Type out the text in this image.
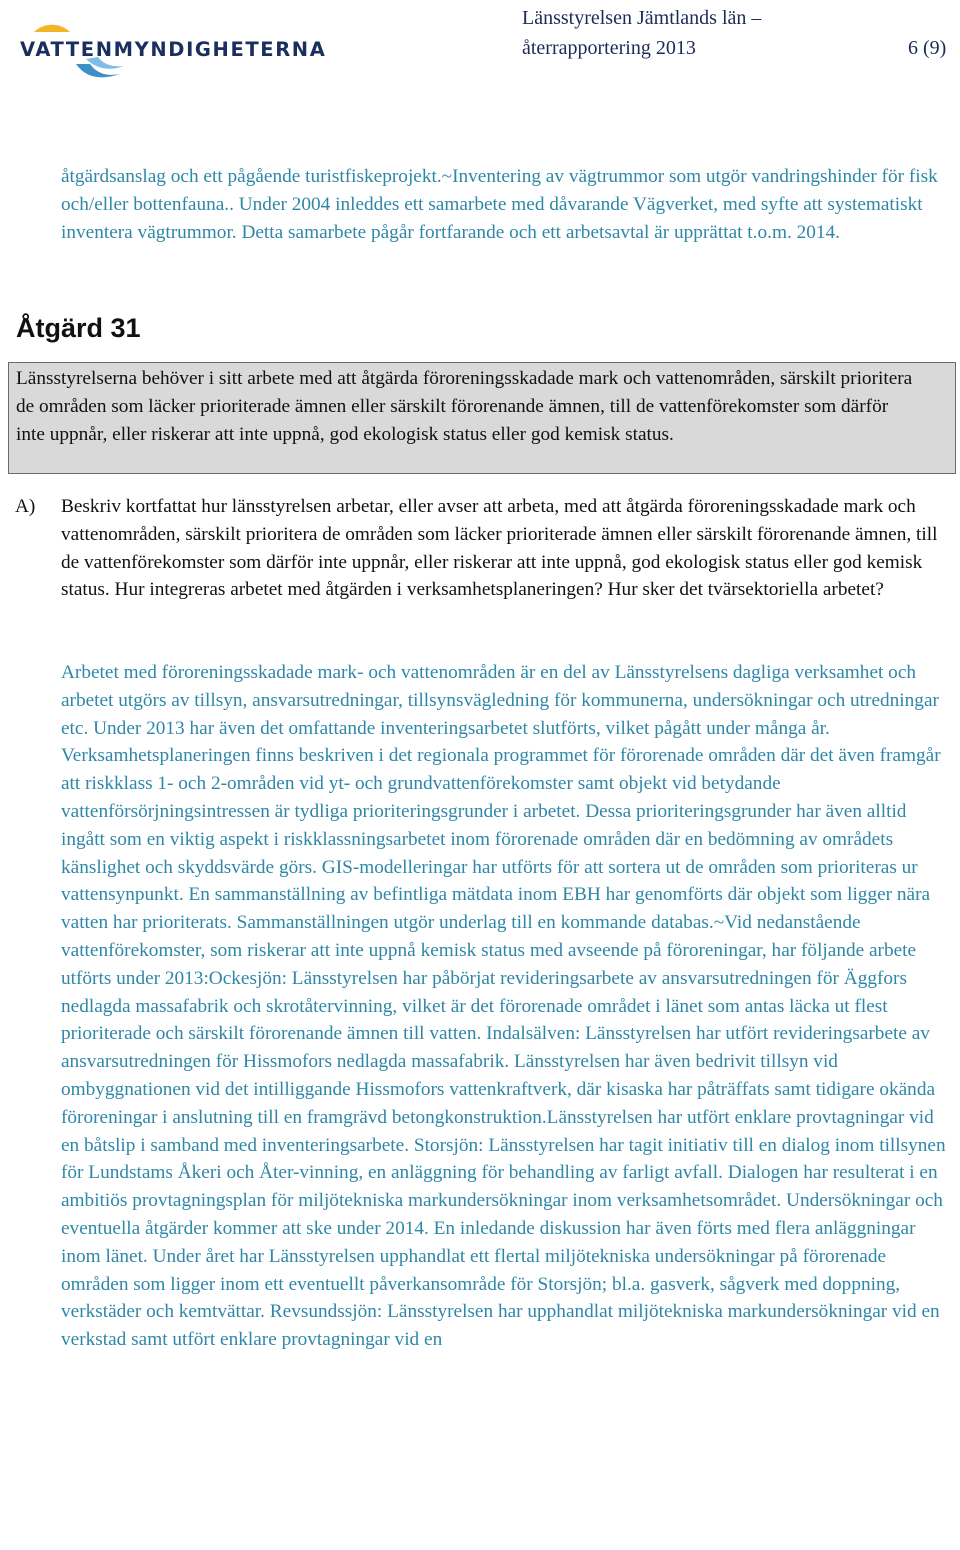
VATTENMYNDIGHETERNA
Länsstyrelsen Jämtlands län –
återrapportering 2013	6 (9)

åtgärdsanslag och ett pågående turistfiskeprojekt.~Inventering av vägtrummor som utgör vandringshinder för fisk och/eller bottenfauna.. Under 2004 inleddes ett samarbete med dåvarande Vägverket, med syfte att systematiskt inventera vägtrummor. Detta samarbete pågår fortfarande och ett arbetsavtal är upprättat t.o.m. 2014.

Åtgärd 31

Länsstyrelserna behöver i sitt arbete med att åtgärda föroreningsskadade mark och vattenområden, särskilt prioritera de områden som läcker prioriterade ämnen eller särskilt förorenande ämnen, till de vattenförekomster som därför inte uppnår, eller riskerar att inte uppnå, god ekologisk status eller god kemisk status.

A) Beskriv kortfattat hur länsstyrelsen arbetar, eller avser att arbeta, med att åtgärda föroreningsskadade mark och vattenområden, särskilt prioritera de områden som läcker prioriterade ämnen eller särskilt förorenande ämnen, till de vattenförekomster som därför inte uppnår, eller riskerar att inte uppnå, god ekologisk status eller god kemisk status. Hur integreras arbetet med åtgärden i verksamhetsplaneringen? Hur sker det tvärsektoriella arbetet?

Arbetet med föroreningsskadade mark- och vattenområden är en del av Länsstyrelsens dagliga verksamhet och arbetet utgörs av tillsyn, ansvarsutredningar, tillsynsvägledning för kommunerna, undersökningar och utredningar etc. Under 2013 har även det omfattande inventeringsarbetet slutförts, vilket pågått under många år. Verksamhetsplaneringen finns beskriven i det regionala programmet för förorenade områden där det även framgår att riskklass 1- och 2-områden vid yt- och grundvattenförekomster samt objekt vid betydande vattenförsörjningsintressen är tydliga prioriteringsgrunder i arbetet. Dessa prioriteringsgrunder har även alltid ingått som en viktig aspekt i riskklassningsarbetet inom förorenade områden där en bedömning av områdets känslighet och skyddsvärde görs. GIS-modelleringar har utförts för att sortera ut de områden som prioriteras ur vattensynpunkt. En sammanställning av befintliga mätdata inom EBH har genomförts där objekt som ligger nära vatten har prioriterats. Sammanställningen utgör underlag till en kommande databas.~Vid nedanstående vattenförekomster, som riskerar att inte uppnå kemisk status med avseende på föroreningar, har följande arbete utförts under 2013:Ockesjön: Länsstyrelsen har påbörjat revideringsarbete av ansvarsutredningen för Äggfors nedlagda massafabrik och skrotåtervinning, vilket är det förorenade området i länet som antas läcka ut flest prioriterade och särskilt förorenande ämnen till vatten. Indalsälven: Länsstyrelsen har utfört revideringsarbete av ansvarsutredningen för Hissmofors nedlagda massafabrik. Länsstyrelsen har även bedrivit tillsyn vid ombyggnationen vid det intilliggande Hissmofors vattenkraftverk, där kisaska har påträffats samt tidigare okända föroreningar i anslutning till en framgrävd betongkonstruktion.Länsstyrelsen har utfört enklare provtagningar vid en båtslip i samband med inventeringsarbete. Storsjön: Länsstyrelsen har tagit initiativ till en dialog inom tillsynen för Lundstams Åkeri och Åter-vinning, en anläggning för behandling av farligt avfall. Dialogen har resulterat i en ambitiös provtagningsplan för miljötekniska markundersökningar inom verksamhetsområdet. Undersökningar och eventuella åtgärder kommer att ske under 2014. En inledande diskussion har även förts med flera anläggningar inom länet. Under året har Länsstyrelsen upphandlat ett flertal miljötekniska undersökningar på förorenade områden som ligger inom ett eventuellt påverkansområde för Storsjön; bl.a. gasverk, sågverk med doppning, verkstäder och kemtvättar. Revsundssjön: Länsstyrelsen har upphandlat miljötekniska markundersökningar vid en verkstad samt utfört enklare provtagningar vid en
